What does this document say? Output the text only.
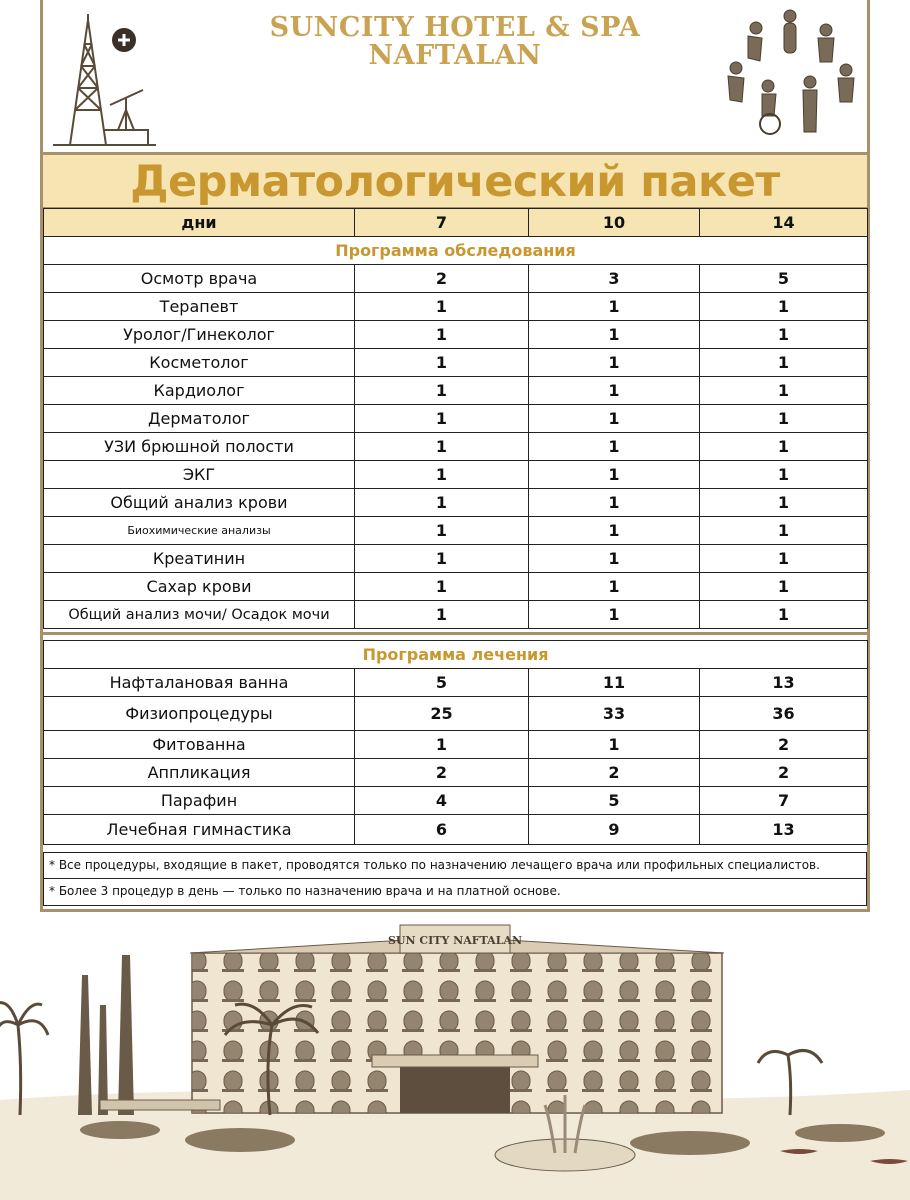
SUNCITY HOTEL & SPA
NAFTALAN
Дерматологический пакет
дни	7	10	14
Программа обследования			
Осмотр врача	2	3	5
Терапевт	1	1	1
Уролог/Гинеколог	1	1	1
Косметолог	1	1	1
Кардиолог	1	1	1
Дерматолог	1	1	1
УЗИ брюшной полости	1	1	1
ЭКГ	1	1	1
Общий анализ крови	1	1	1
Биохимические анализы	1	1	1
Креатинин	1	1	1
Сахар крови	1	1	1
Общий анализ мочи/ Осадок мочи	1	1	1
Программа лечения			
Нафталановая ванна	5	11	13
Физиопроцедуры	25	33	36
Фитованна	1	1	2
Аппликация	2	2	2
Парафин	4	5	7
Лечебная гимнастика	6	9	13
* Все процедуры, входящие в пакет, проводятся только по назначению лечащего врача или профильных специалистов.
* Более 3 процедур в день — только по назначению врача и на платной основе.
SUN CITY NAFTALAN
